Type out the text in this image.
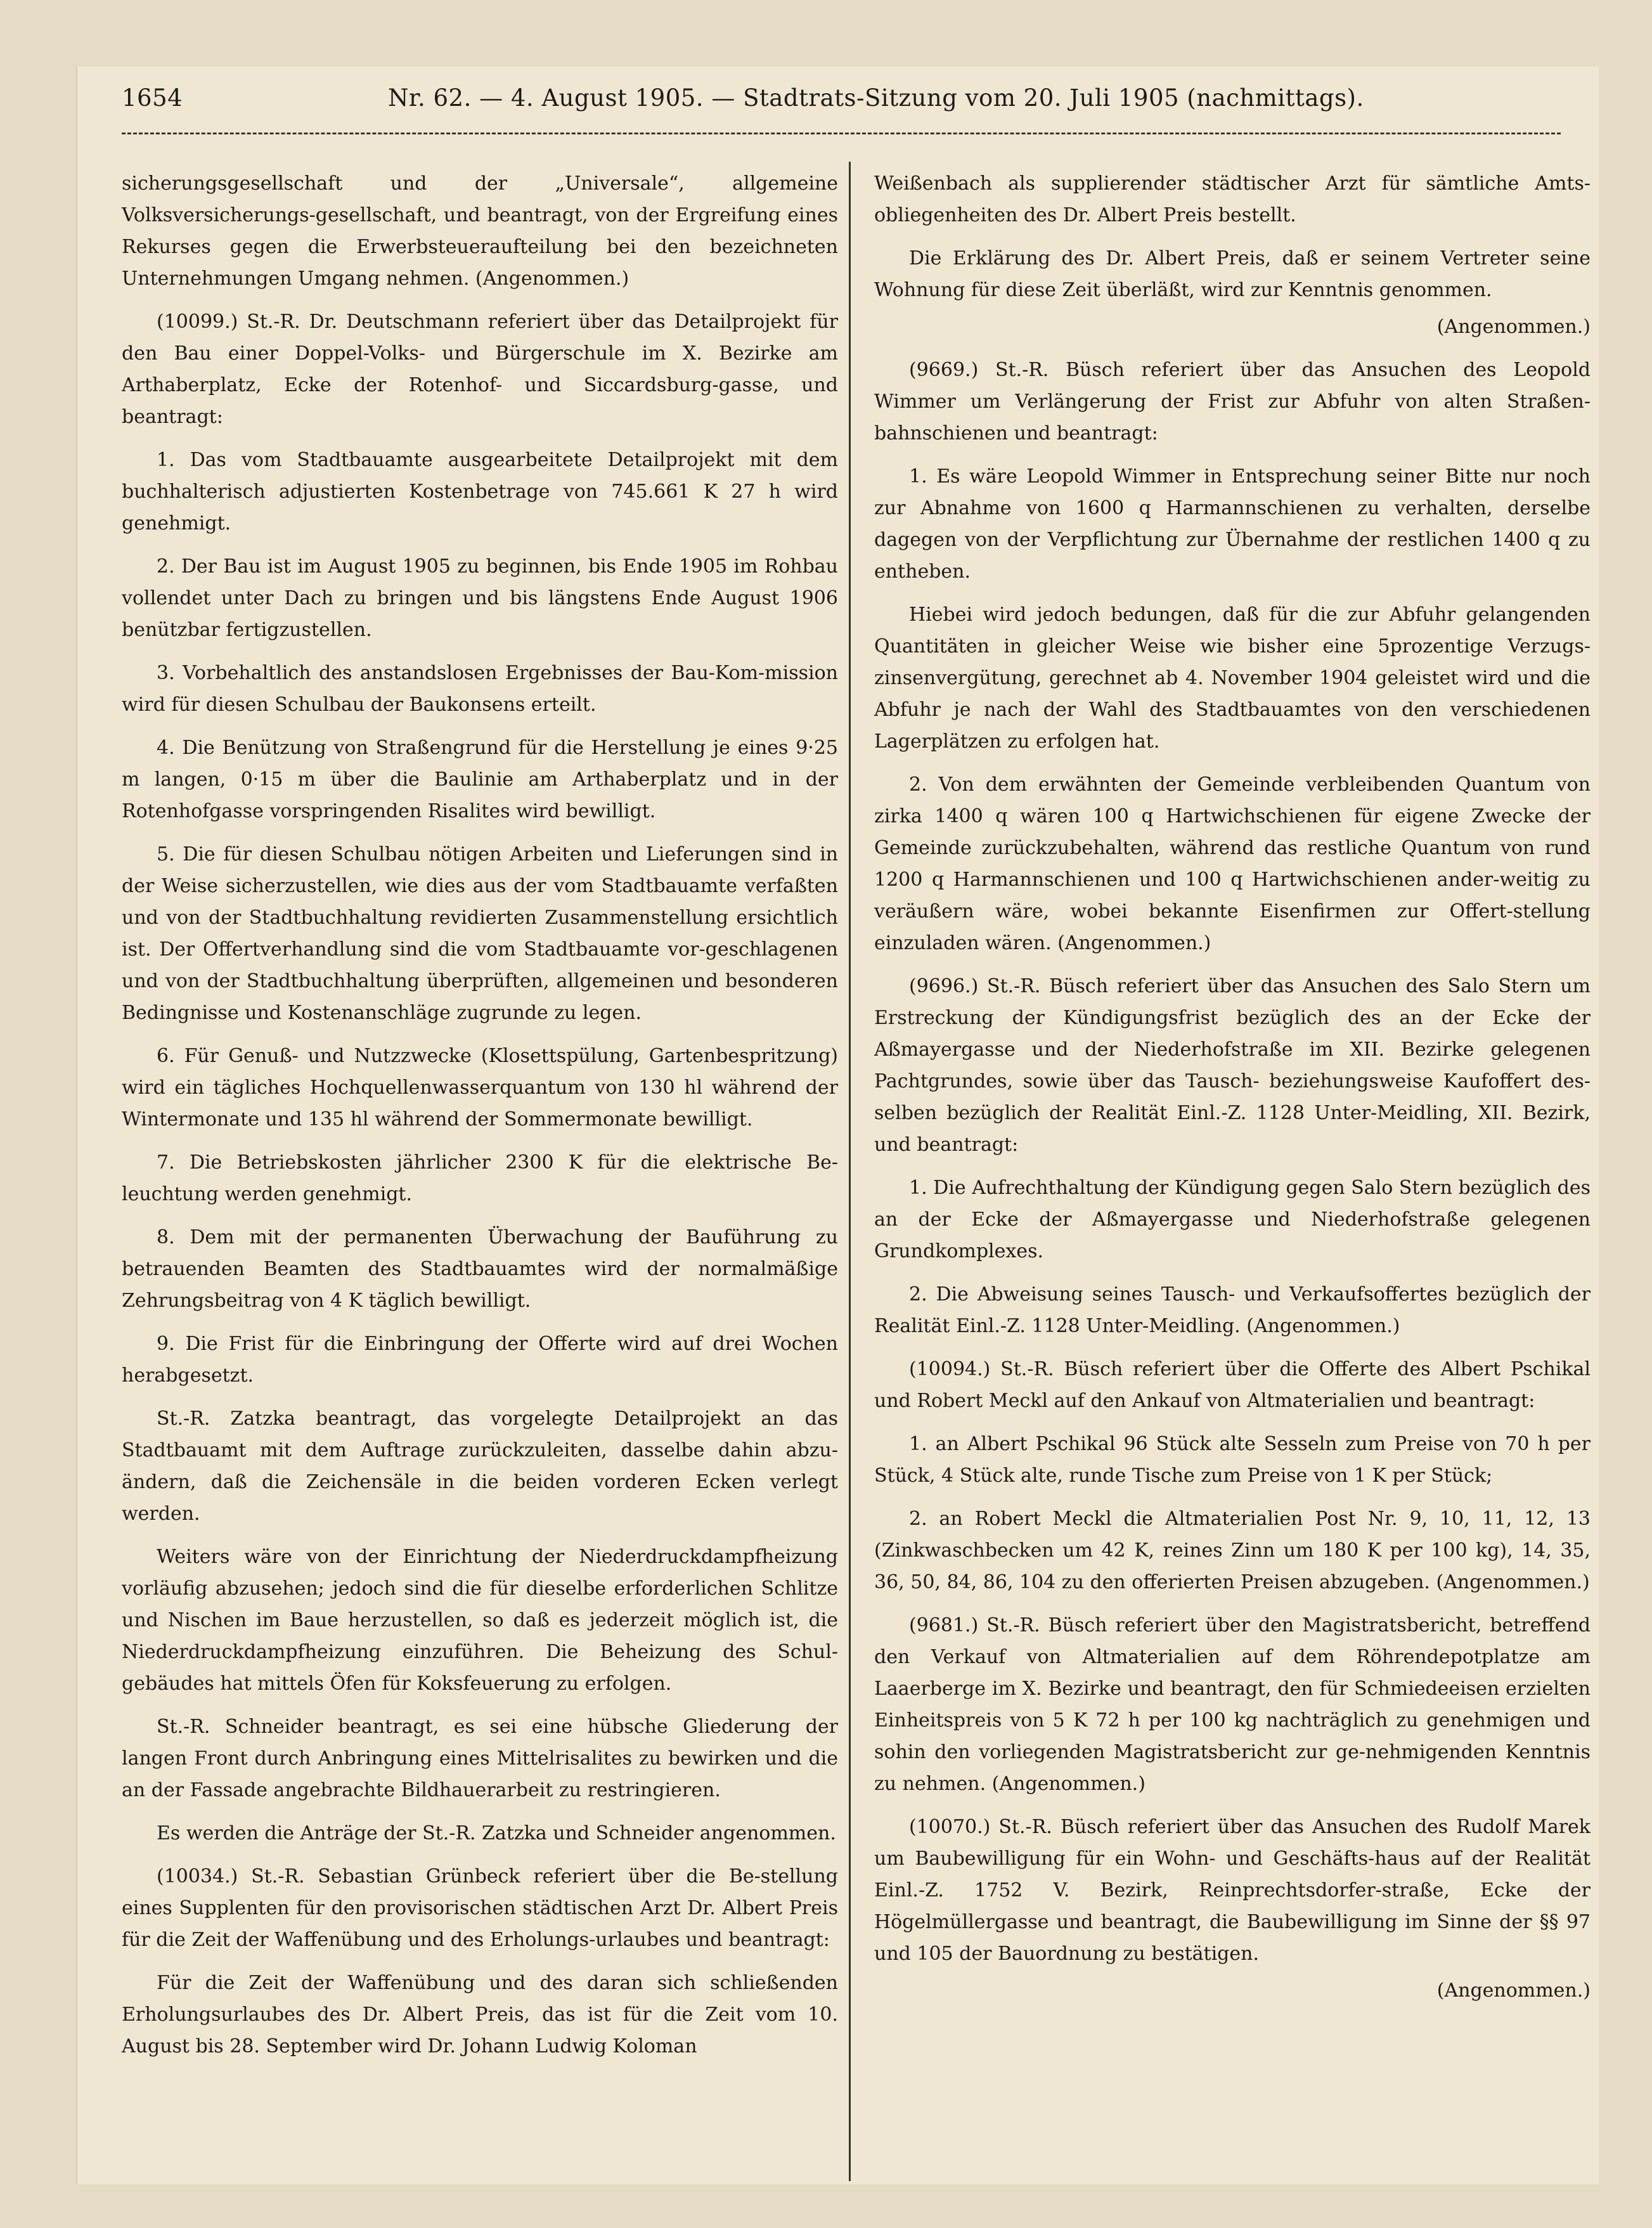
1654	Nr. 62. — 4. August 1905. — Stadtrats-Sitzung vom 20. Juli 1905 (nachmittags).

sicherungsgesellschaft und der „Universale“, allgemeine Volksversicherungs-gesellschaft, und beantragt, von der Ergreifung eines Rekurses gegen die Erwerbsteueraufteilung bei den bezeichneten Unternehmungen Umgang nehmen. (Angenommen.)

(10099.) St.-R. Dr. Deutschmann referiert über das Detailprojekt für den Bau einer Doppel-Volks- und Bürgerschule im X. Bezirke am Arthaberplatz, Ecke der Rotenhof- und Siccardsburg-gasse, und beantragt:

1. Das vom Stadtbauamte ausgearbeitete Detailprojekt mit dem buchhalterisch adjustierten Kostenbetrage von 745.661 K 27 h wird genehmigt.

2. Der Bau ist im August 1905 zu beginnen, bis Ende 1905 im Rohbau vollendet unter Dach zu bringen und bis längstens Ende August 1906 benützbar fertigzustellen.

3. Vorbehaltlich des anstandslosen Ergebnisses der Bau-Kom-mission wird für diesen Schulbau der Baukonsens erteilt.

4. Die Benützung von Straßengrund für die Herstellung je eines 9·25 m langen, 0·15 m über die Baulinie am Arthaberplatz und in der Rotenhofgasse vorspringenden Risalites wird bewilligt.

5. Die für diesen Schulbau nötigen Arbeiten und Lieferungen sind in der Weise sicherzustellen, wie dies aus der vom Stadtbauamte verfaßten und von der Stadtbuchhaltung revidierten Zusammenstellung ersichtlich ist. Der Offertverhandlung sind die vom Stadtbauamte vor-geschlagenen und von der Stadtbuchhaltung überprüften, allgemeinen und besonderen Bedingnisse und Kostenanschläge zugrunde zu legen.

6. Für Genuß- und Nutzzwecke (Klosettspülung, Gartenbespritzung) wird ein tägliches Hochquellenwasserquantum von 130 hl während der Wintermonate und 135 hl während der Sommermonate bewilligt.

7. Die Betriebskosten jährlicher 2300 K für die elektrische Be-leuchtung werden genehmigt.

8. Dem mit der permanenten Überwachung der Bauführung zu betrauenden Beamten des Stadtbauamtes wird der normalmäßige Zehrungsbeitrag von 4 K täglich bewilligt.

9. Die Frist für die Einbringung der Offerte wird auf drei Wochen herabgesetzt.

St.-R. Zatzka beantragt, das vorgelegte Detailprojekt an das Stadtbauamt mit dem Auftrage zurückzuleiten, dasselbe dahin abzu-ändern, daß die Zeichensäle in die beiden vorderen Ecken verlegt werden.

Weiters wäre von der Einrichtung der Niederdruckdampfheizung vorläufig abzusehen; jedoch sind die für dieselbe erforderlichen Schlitze und Nischen im Baue herzustellen, so daß es jederzeit möglich ist, die Niederdruckdampfheizung einzuführen. Die Beheizung des Schul-gebäudes hat mittels Öfen für Koksfeuerung zu erfolgen.

St.-R. Schneider beantragt, es sei eine hübsche Gliederung der langen Front durch Anbringung eines Mittelrisalites zu bewirken und die an der Fassade angebrachte Bildhauerarbeit zu restringieren.

Es werden die Anträge der St.-R. Zatzka und Schneider angenommen.

(10034.) St.-R. Sebastian Grünbeck referiert über die Be-stellung eines Supplenten für den provisorischen städtischen Arzt Dr. Albert Preis für die Zeit der Waffenübung und des Erholungs-urlaubes und beantragt:

Für die Zeit der Waffenübung und des daran sich schließenden Erholungsurlaubes des Dr. Albert Preis, das ist für die Zeit vom 10. August bis 28. September wird Dr. Johann Ludwig Koloman

Weißenbach als supplierender städtischer Arzt für sämtliche Amts-obliegenheiten des Dr. Albert Preis bestellt.

Die Erklärung des Dr. Albert Preis, daß er seinem Vertreter seine Wohnung für diese Zeit überläßt, wird zur Kenntnis genommen.

(Angenommen.)

(9669.) St.-R. Büsch referiert über das Ansuchen des Leopold Wimmer um Verlängerung der Frist zur Abfuhr von alten Straßen-bahnschienen und beantragt:

1. Es wäre Leopold Wimmer in Entsprechung seiner Bitte nur noch zur Abnahme von 1600 q Harmannschienen zu verhalten, derselbe dagegen von der Verpflichtung zur Übernahme der restlichen 1400 q zu entheben.

Hiebei wird jedoch bedungen, daß für die zur Abfuhr gelangenden Quantitäten in gleicher Weise wie bisher eine 5prozentige Verzugs-zinsenvergütung, gerechnet ab 4. November 1904 geleistet wird und die Abfuhr je nach der Wahl des Stadtbauamtes von den verschiedenen Lagerplätzen zu erfolgen hat.

2. Von dem erwähnten der Gemeinde verbleibenden Quantum von zirka 1400 q wären 100 q Hartwichschienen für eigene Zwecke der Gemeinde zurückzubehalten, während das restliche Quantum von rund 1200 q Harmannschienen und 100 q Hartwichschienen ander-weitig zu veräußern wäre, wobei bekannte Eisenfirmen zur Offert-stellung einzuladen wären. (Angenommen.)

(9696.) St.-R. Büsch referiert über das Ansuchen des Salo Stern um Erstreckung der Kündigungsfrist bezüglich des an der Ecke der Aßmayergasse und der Niederhofstraße im XII. Bezirke gelegenen Pachtgrundes, sowie über das Tausch- beziehungsweise Kaufoffert des-selben bezüglich der Realität Einl.-Z. 1128 Unter-Meidling, XII. Bezirk, und beantragt:

1. Die Aufrechthaltung der Kündigung gegen Salo Stern bezüglich des an der Ecke der Aßmayergasse und Niederhofstraße gelegenen Grundkomplexes.

2. Die Abweisung seines Tausch- und Verkaufsoffertes bezüglich der Realität Einl.-Z. 1128 Unter-Meidling. (Angenommen.)

(10094.) St.-R. Büsch referiert über die Offerte des Albert Pschikal und Robert Meckl auf den Ankauf von Altmaterialien und beantragt:

1. an Albert Pschikal 96 Stück alte Sesseln zum Preise von 70 h per Stück, 4 Stück alte, runde Tische zum Preise von 1 K per Stück;

2. an Robert Meckl die Altmaterialien Post Nr. 9, 10, 11, 12, 13 (Zinkwaschbecken um 42 K, reines Zinn um 180 K per 100 kg), 14, 35, 36, 50, 84, 86, 104 zu den offerierten Preisen abzugeben. (Angenommen.)

(9681.) St.-R. Büsch referiert über den Magistratsbericht, betreffend den Verkauf von Altmaterialien auf dem Röhrendepotplatze am Laaerberge im X. Bezirke und beantragt, den für Schmiedeeisen erzielten Einheitspreis von 5 K 72 h per 100 kg nachträglich zu genehmigen und sohin den vorliegenden Magistratsbericht zur ge-nehmigenden Kenntnis zu nehmen. (Angenommen.)

(10070.) St.-R. Büsch referiert über das Ansuchen des Rudolf Marek um Baubewilligung für ein Wohn- und Geschäfts-haus auf der Realität Einl.-Z. 1752 V. Bezirk, Reinprechtsdorfer-straße, Ecke der Högelmüllergasse und beantragt, die Baubewilligung im Sinne der §§ 97 und 105 der Bauordnung zu bestätigen.

(Angenommen.)
